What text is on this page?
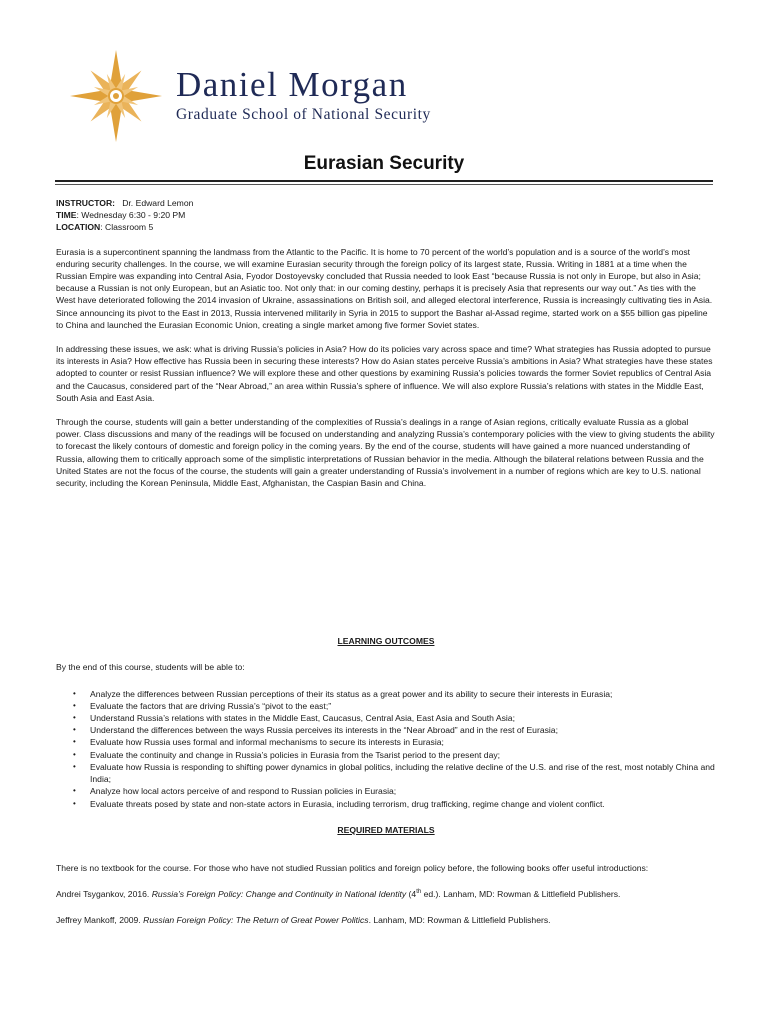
Daniel Morgan
Graduate School of National Security
Eurasian Security

INSTRUCTOR: Dr. Edward Lemon

TIME: Wednesday 6:30 - 9:20 PM

LOCATION: Classroom 5

Eurasia is a supercontinent spanning the landmass from the Atlantic to the Pacific. It is home to 70 percent of the world’s population and is a source of the world’s most enduring security challenges. In the course, we will examine Eurasian security through the foreign policy of its largest state, Russia. Writing in 1881 at a time when the Russian Empire was expanding into Central Asia, Fyodor Dostoyevsky concluded that Russia needed to look East “because Russia is not only in Europe, but also in Asia; because a Russian is not only European, but an Asiatic too. Not only that: in our coming destiny, perhaps it is precisely Asia that represents our way out.” As ties with the West have deteriorated following the 2014 invasion of Ukraine, assassinations on British soil, and alleged electoral interference, Russia is increasingly cultivating ties in Asia. Since announcing its pivot to the East in 2013, Russia intervened militarily in Syria in 2015 to support the Bashar al-Assad regime, started work on a $55 billion gas pipeline to China and launched the Eurasian Economic Union, creating a single market among five former Soviet states.

In addressing these issues, we ask: what is driving Russia’s policies in Asia? How do its policies vary across space and time? What strategies has Russia adopted to pursue its interests in Asia? How effective has Russia been in securing these interests? How do Asian states perceive Russia’s ambitions in Asia? What strategies have these states adopted to counter or resist Russian influence? We will explore these and other questions by examining Russia’s policies towards the former Soviet republics of Central Asia and the Caucasus, considered part of the “Near Abroad,” an area within Russia’s sphere of influence. We will also explore Russia’s relations with states in the Middle East, South Asia and East Asia.

Through the course, students will gain a better understanding of the complexities of Russia’s dealings in a range of Asian regions, critically evaluate Russia as a global power. Class discussions and many of the readings will be focused on understanding and analyzing Russia’s contemporary policies with the view to giving students the ability to forecast the likely contours of domestic and foreign policy in the coming years. By the end of the course, students will have gained a more nuanced understanding of Russia, allowing them to critically approach some of the simplistic interpretations of Russian behavior in the media. Although the bilateral relations between Russia and the United States are not the focus of the course, the students will gain a greater understanding of Russia’s involvement in a number of regions which are key to U.S. national security, including the Korean Peninsula, Middle East, Afghanistan, the Caspian Basin and China.

LEARNING OUTCOMES

By the end of this course, students will be able to:

• Analyze the differences between Russian perceptions of their its status as a great power and its ability to secure their interests in Eurasia;
• Evaluate the factors that are driving Russia’s “pivot to the east;”
• Understand Russia’s relations with states in the Middle East, Caucasus, Central Asia, East Asia and South Asia;
• Understand the differences between the ways Russia perceives its interests in the “Near Abroad” and in the rest of Eurasia;
• Evaluate how Russia uses formal and informal mechanisms to secure its interests in Eurasia;
• Evaluate the continuity and change in Russia’s policies in Eurasia from the Tsarist period to the present day;
• Evaluate how Russia is responding to shifting power dynamics in global politics, including the relative decline of the U.S. and rise of the rest, most notably China and India;
• Analyze how local actors perceive of and respond to Russian policies in Eurasia;
• Evaluate threats posed by state and non-state actors in Eurasia, including terrorism, drug trafficking, regime change and violent conflict.

REQUIRED MATERIALS

There is no textbook for the course. For those who have not studied Russian politics and foreign policy before, the following books offer useful introductions:

Andrei Tsygankov, 2016. Russia’s Foreign Policy: Change and Continuity in National Identity (4th ed.). Lanham, MD: Rowman & Littlefield Publishers.

Jeffrey Mankoff, 2009. Russian Foreign Policy: The Return of Great Power Politics. Lanham, MD: Rowman & Littlefield Publishers.
